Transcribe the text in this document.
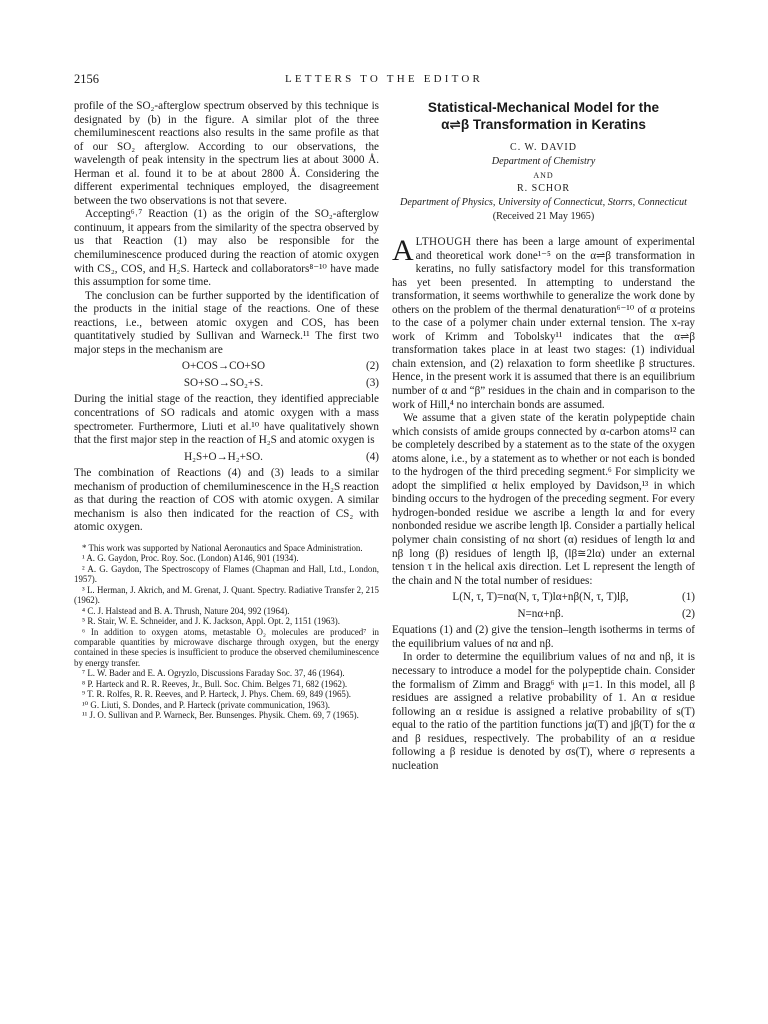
2156	LETTERS TO THE EDITOR

profile of the SO₂-afterglow spectrum observed by this technique is designated by (b) in the figure. A similar plot of the three chemiluminescent reactions also results in the same profile as that of our SO₂ afterglow. According to our observations, the wavelength of peak intensity in the spectrum lies at about 3000 Å. Herman et al. found it to be at about 2800 Å. Considering the different experimental techniques employed, the disagreement between the two observations is not that severe.

Accepting⁶˒⁷ Reaction (1) as the origin of the SO₂-afterglow continuum, it appears from the similarity of the spectra observed by us that Reaction (1) may also be responsible for the chemiluminescence produced during the reaction of atomic oxygen with CS₂, COS, and H₂S. Harteck and collaborators⁸⁻¹⁰ have made this assumption for some time.

The conclusion can be further supported by the identification of the products in the initial stage of the reactions. One of these reactions, i.e., between atomic oxygen and COS, has been quantitatively studied by Sullivan and Warneck.¹¹ The first two major steps in the mechanism are

O+COS→CO+SO	(2)
SO+SO→SO₂+S.	(3)

During the initial stage of the reaction, they identified appreciable concentrations of SO radicals and atomic oxygen with a mass spectrometer. Furthermore, Liuti et al.¹⁰ have qualitatively shown that the first major step in the reaction of H₂S and atomic oxygen is

H₂S+O→H₂+SO.	(4)

The combination of Reactions (4) and (3) leads to a similar mechanism of production of chemiluminescence in the H₂S reaction as that during the reaction of COS with atomic oxygen. A similar mechanism is also then indicated for the reaction of CS₂ with atomic oxygen.

* This work was supported by National Aeronautics and Space Administration.

¹ A. G. Gaydon, Proc. Roy. Soc. (London) A146, 901 (1934).

² A. G. Gaydon, The Spectroscopy of Flames (Chapman and Hall, Ltd., London, 1957).

³ L. Herman, J. Akrich, and M. Grenat, J. Quant. Spectry. Radiative Transfer 2, 215 (1962).

⁴ C. J. Halstead and B. A. Thrush, Nature 204, 992 (1964).

⁵ R. Stair, W. E. Schneider, and J. K. Jackson, Appl. Opt. 2, 1151 (1963).

⁶ In addition to oxygen atoms, metastable O₂ molecules are produced⁷ in comparable quantities by microwave discharge through oxygen, but the energy contained in these species is insufficient to produce the observed chemiluminescence by energy transfer.

⁷ L. W. Bader and E. A. Ogryzlo, Discussions Faraday Soc. 37, 46 (1964).

⁸ P. Harteck and R. R. Reeves, Jr., Bull. Soc. Chim. Belges 71, 682 (1962).

⁹ T. R. Rolfes, R. R. Reeves, and P. Harteck, J. Phys. Chem. 69, 849 (1965).

¹⁰ G. Liuti, S. Dondes, and P. Harteck (private communication, 1963).

¹¹ J. O. Sullivan and P. Warneck, Ber. Bunsenges. Physik. Chem. 69, 7 (1965).

Statistical-Mechanical Model for the

α⇌β Transformation in Keratins

C. W. DAVID

Department of Chemistry

AND

R. SCHOR

Department of Physics, University of Connecticut, Storrs, Connecticut

(Received 21 May 1965)

ALTHOUGH there has been a large amount of experimental and theoretical work done¹⁻⁵ on the α⇌β transformation in keratins, no fully satisfactory model for this transformation has yet been presented. In attempting to understand the transformation, it seems worthwhile to generalize the work done by others on the problem of the thermal denaturation⁶⁻¹⁰ of α proteins to the case of a polymer chain under external tension. The x-ray work of Krimm and Tobolsky¹¹ indicates that the α⇌β transformation takes place in at least two stages: (1) individual chain extension, and (2) relaxation to form sheetlike β structures. Hence, in the present work it is assumed that there is an equilibrium number of α and “β” residues in the chain and in comparison to the work of Hill,⁴ no interchain bonds are assumed.

We assume that a given state of the keratin polypeptide chain which consists of amide groups connected by α-carbon atoms¹² can be completely described by a statement as to the state of the oxygen atoms alone, i.e., by a statement as to whether or not each is bonded to the hydrogen of the third preceding segment.⁶ For simplicity we adopt the simplified α helix employed by Davidson,¹³ in which binding occurs to the hydrogen of the preceding segment. For every hydrogen-bonded residue we ascribe a length lα and for every nonbonded residue we ascribe length lβ. Consider a partially helical polymer chain consisting of nα short (α) residues of length lα and nβ long (β) residues of length lβ, (lβ≅2lα) under an external tension τ in the helical axis direction. Let L represent the length of the chain and N the total number of residues:

L(N, τ, T)=nα(N, τ, T)lα+nβ(N, τ, T)lβ,	(1)
N=nα+nβ.	(2)

Equations (1) and (2) give the tension–length isotherms in terms of the equilibrium values of nα and nβ.

In order to determine the equilibrium values of nα and nβ, it is necessary to introduce a model for the polypeptide chain. Consider the formalism of Zimm and Bragg⁶ with μ=1. In this model, all β residues are assigned a relative probability of 1. An α residue following an α residue is assigned a relative probability of s(T) equal to the ratio of the partition functions jα(T) and jβ(T) for the α and β residues, respectively. The probability of an α residue following a β residue is denoted by σs(T), where σ represents a nucleation
